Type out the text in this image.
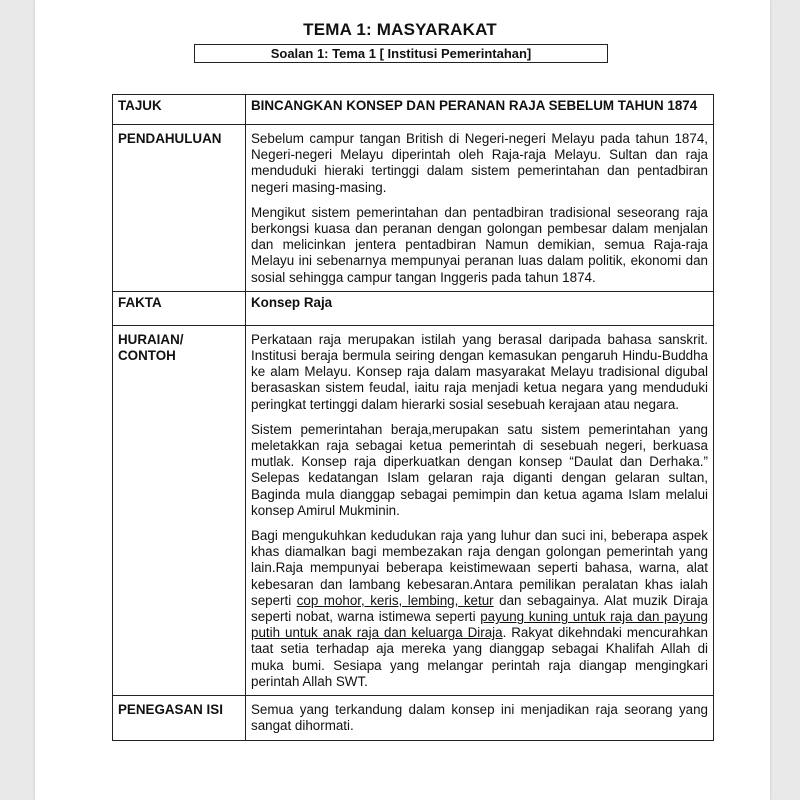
TEMA 1: MASYARAKAT
Soalan 1: Tema 1 [ Institusi Pemerintahan]
TAJUK	BINCANGKAN KONSEP DAN PERANAN RAJA SEBELUM TAHUN 1874
PENDAHULUAN	Sebelum campur tangan British di Negeri-negeri Melayu pada tahun 1874, Negeri-negeri Melayu diperintah oleh Raja-raja Melayu. Sultan dan raja menduduki hieraki tertinggi dalam sistem pemerintahan dan pentadbiran negeri masing-masing.

Mengikut sistem pemerintahan dan pentadbiran tradisional seseorang raja berkongsi kuasa dan peranan dengan golongan pembesar dalam menjalan dan melicinkan jentera pentadbiran Namun demikian, semua Raja-raja Melayu ini sebenarnya mempunyai peranan luas dalam politik, ekonomi dan sosial sehingga campur tangan Inggeris pada tahun 1874.

FAKTA	Konsep Raja
HURAIAN/ CONTOH	Perkataan raja merupakan istilah yang berasal daripada bahasa sanskrit. Institusi beraja bermula seiring dengan kemasukan pengaruh Hindu-Buddha ke alam Melayu. Konsep raja dalam masyarakat Melayu tradisional digubal berasaskan sistem feudal, iaitu raja menjadi ketua negara yang menduduki peringkat tertinggi dalam hierarki sosial sesebuah kerajaan atau negara.

Sistem pemerintahan beraja,merupakan satu sistem pemerintahan yang meletakkan raja sebagai ketua pemerintah di sesebuah negeri, berkuasa mutlak. Konsep raja diperkuatkan dengan konsep “Daulat dan Derhaka.” Selepas kedatangan Islam gelaran raja diganti dengan gelaran sultan, Baginda mula dianggap sebagai pemimpin dan ketua agama Islam melalui konsep Amirul Mukminin.

Bagi mengukuhkan kedudukan raja yang luhur dan suci ini, beberapa aspek khas diamalkan bagi membezakan raja dengan golongan pemerintah yang lain.Raja mempunyai beberapa keistimewaan seperti bahasa, warna, alat kebesaran dan lambang kebesaran.Antara pemilikan peralatan khas ialah seperti cop mohor, keris, lembing, ketur dan sebagainya. Alat muzik Diraja seperti nobat, warna istimewa seperti payung kuning untuk raja dan payung putih untuk anak raja dan keluarga Diraja. Rakyat dikehndaki mencurahkan taat setia terhadap aja mereka yang dianggap sebagai Khalifah Allah di muka bumi. Sesiapa yang melangar perintah raja diangap mengingkari perintah Allah SWT.

PENEGASAN ISI	Semua yang terkandung dalam konsep ini menjadikan raja seorang yang sangat dihormati.
